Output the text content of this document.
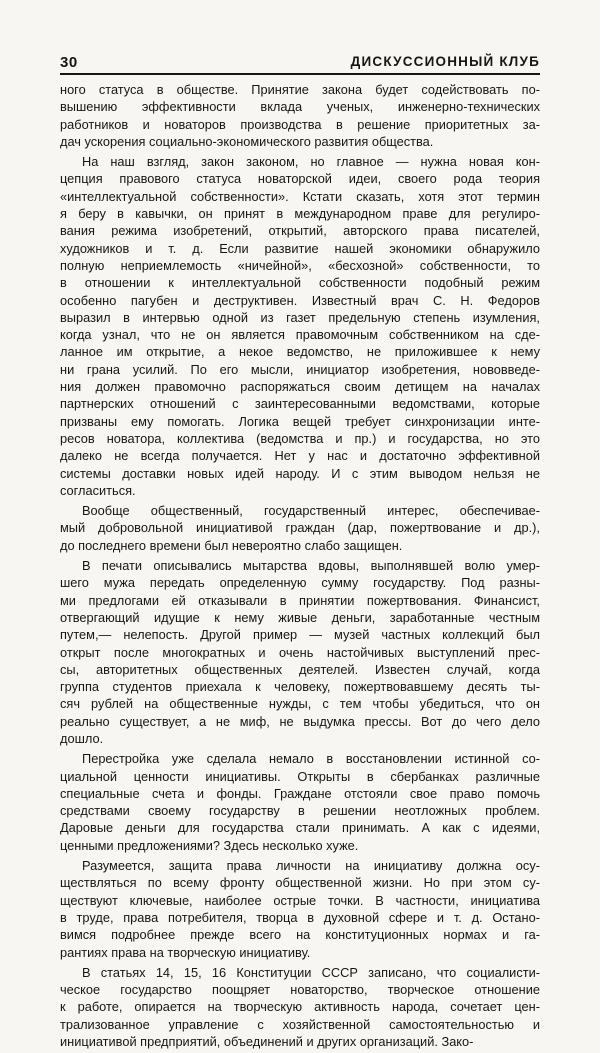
30	ДИСКУССИОННЫЙ КЛУБ

ного статуса в обществе. Принятие закона будет содействовать по-
вышению эффективности вклада ученых, инженерно-технических
работников и новаторов производства в решение приоритетных за-
дач ускорения социально-экономического развития общества.

На наш взгляд, закон законом, но главное — нужна новая кон-
цепция правового статуса новаторской идеи, своего рода теория
«интеллектуальной собственности». Кстати сказать, хотя этот термин
я беру в кавычки, он принят в международном праве для регулиро-
вания режима изобретений, открытий, авторского права писателей,
художников и т. д. Если развитие нашей экономики обнаружило
полную неприемлемость «ничейной», «бесхозной» собственности, то
в отношении к интеллектуальной собственности подобный режим
особенно пагубен и деструктивен. Известный врач С. Н. Федоров
выразил в интервью одной из газет предельную степень изумления,
когда узнал, что не он является правомочным собственником на сде-
ланное им открытие, а некое ведомство, не приложившее к нему
ни грана усилий. По его мысли, инициатор изобретения, нововведе-
ния должен правомочно распоряжаться своим детищем на началах
партнерских отношений с заинтересованными ведомствами, которые
призваны ему помогать. Логика вещей требует синхронизации инте-
ресов новатора, коллектива (ведомства и пр.) и государства, но это
далеко не всегда получается. Нет у нас и достаточно эффективной
системы доставки новых идей народу. И с этим выводом нельзя не
согласиться.

Вообще общественный, государственный интерес, обеспечивае-
мый добровольной инициативой граждан (дар, пожертвование и др.),
до последнего времени был невероятно слабо защищен.

В печати описывались мытарства вдовы, выполнявшей волю умер-
шего мужа передать определенную сумму государству. Под разны-
ми предлогами ей отказывали в принятии пожертвования. Финансист,
отвергающий идущие к нему живые деньги, заработанные честным
путем,— нелепость. Другой пример — музей частных коллекций был
открыт после многократных и очень настойчивых выступлений прес-
сы, авторитетных общественных деятелей. Известен случай, когда
группа студентов приехала к человеку, пожертвовавшему десять ты-
сяч рублей на общественные нужды, с тем чтобы убедиться, что он
реально существует, а не миф, не выдумка прессы. Вот до чего дело
дошло.

Перестройка уже сделала немало в восстановлении истинной со-
циальной ценности инициативы. Открыты в сбербанках различные
специальные счета и фонды. Граждане отстояли свое право помочь
средствами своему государству в решении неотложных проблем.
Даровые деньги для государства стали принимать. А как с идеями,
ценными предложениями? Здесь несколько хуже.

Разумеется, защита права личности на инициативу должна осу-
ществляться по всему фронту общественной жизни. Но при этом су-
ществуют ключевые, наиболее острые точки. В частности, инициатива
в труде, права потребителя, творца в духовной сфере и т. д. Остано-
вимся подробнее прежде всего на конституционных нормах и га-
рантиях права на творческую инициативу.

В статьях 14, 15, 16 Конституции СССР записано, что социалисти-
ческое государство поощряет новаторство, творческое отношение
к работе, опирается на творческую активность народа, сочетает цен-
трализованное управление с хозяйственной самостоятельностью и
инициативой предприятий, объединений и других организаций. Зако-
